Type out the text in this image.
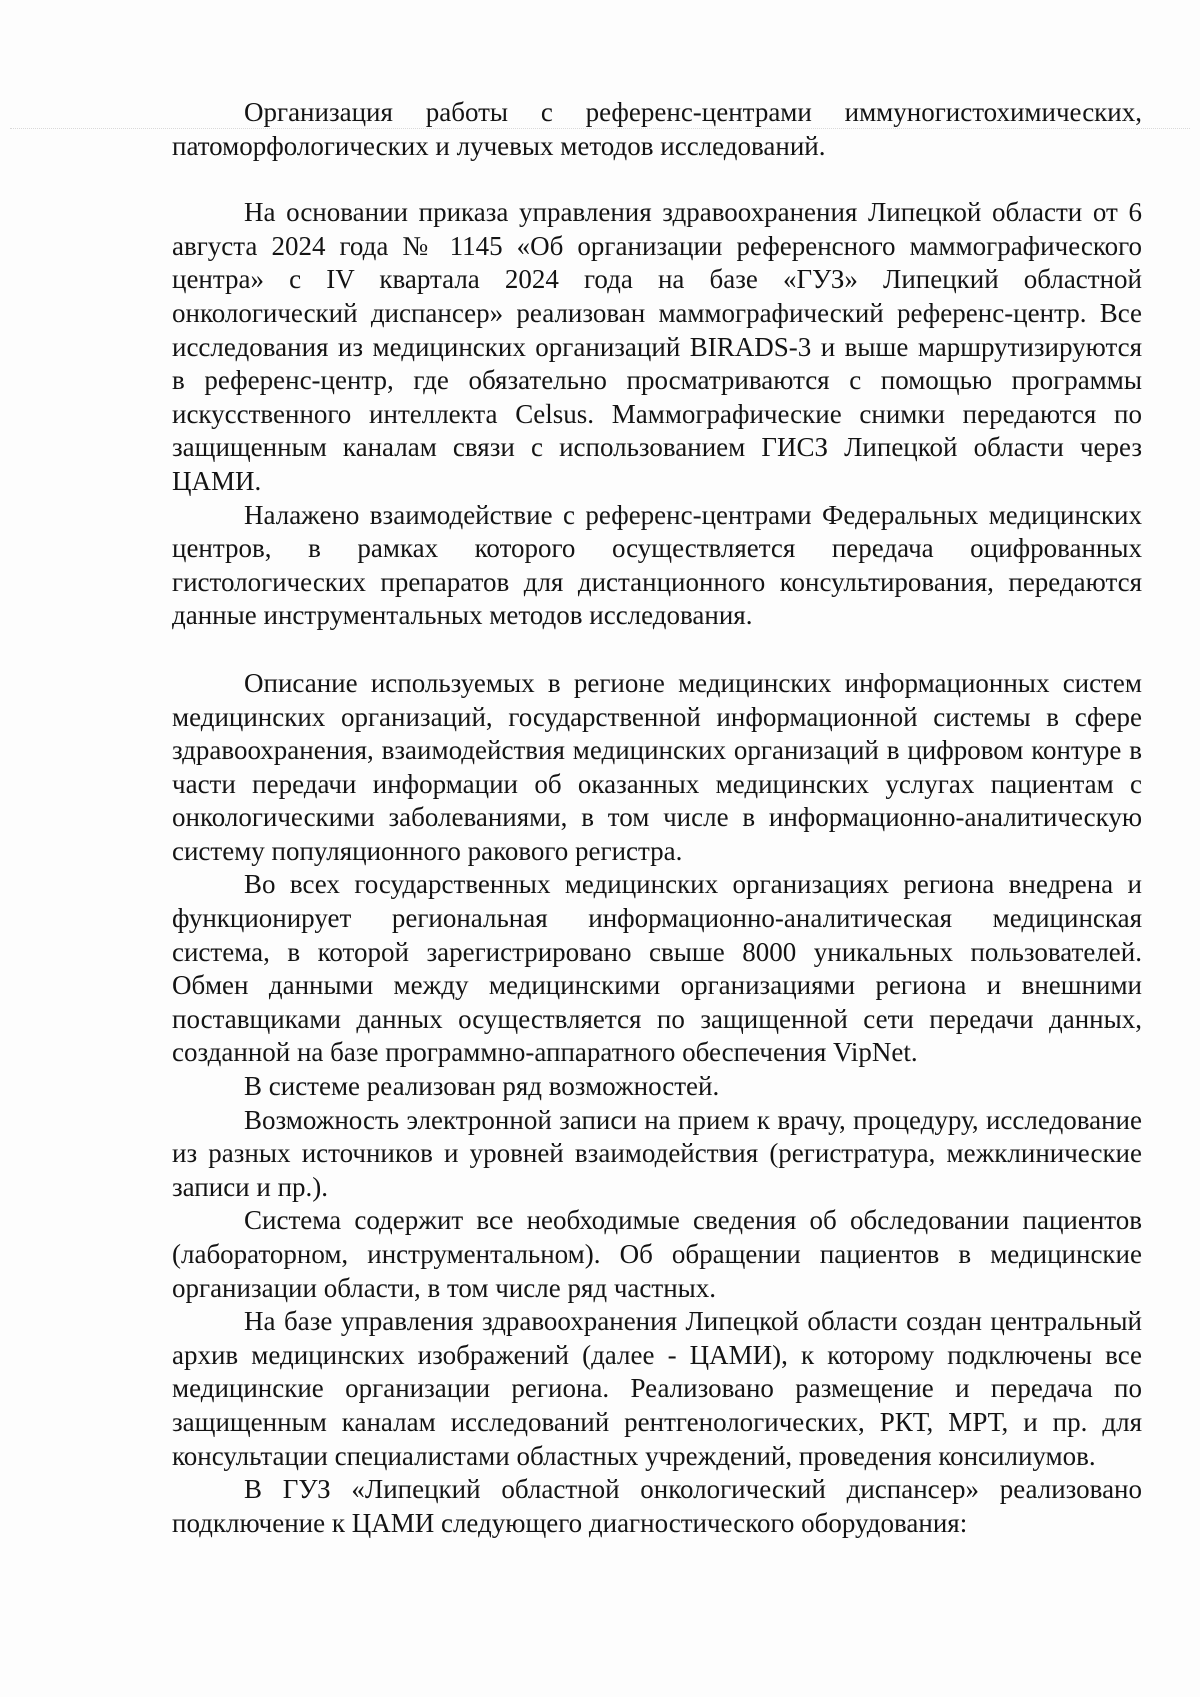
Организация работы с референс-центрами иммуногистохимических, патоморфологических и лучевых методов исследований.

На основании приказа управления здравоохранения Липецкой области от 6 августа 2024 года № 1145 «Об организации референсного маммографического центра» с IV квартала 2024 года на базе «ГУЗ» Липецкий областной онкологический диспансер» реализован маммографический референс-центр. Все исследования из медицинских организаций BIRADS-3 и выше маршрутизируются в референс-центр, где обязательно просматриваются с помощью программы искусственного интеллекта Celsus. Маммографические снимки передаются по защищенным каналам связи с использованием ГИСЗ Липецкой области через ЦАМИ.

Налажено взаимодействие с референс-центрами Федеральных медицинских центров, в рамках которого осуществляется передача оцифрованных гистологических препаратов для дистанционного консультирования, передаются данные инструментальных методов исследования.

Описание используемых в регионе медицинских информационных систем медицинских организаций, государственной информационной системы в сфере здравоохранения, взаимодействия медицинских организаций в цифровом контуре в части передачи информации об оказанных медицинских услугах пациентам с онкологическими заболеваниями, в том числе в информационно-аналитическую систему популяционного ракового регистра.

Во всех государственных медицинских организациях региона внедрена и функционирует региональная информационно-аналитическая медицинская система, в которой зарегистрировано свыше 8000 уникальных пользователей. Обмен данными между медицинскими организациями региона и внешними поставщиками данных осуществляется по защищенной сети передачи данных, созданной на базе программно-аппаратного обеспечения VipNet.

В системе реализован ряд возможностей.

Возможность электронной записи на прием к врачу, процедуру, исследование из разных источников и уровней взаимодействия (регистратура, межклинические записи и пр.).

Система содержит все необходимые сведения об обследовании пациентов (лабораторном, инструментальном). Об обращении пациентов в медицинские организации области, в том числе ряд частных.

На базе управления здравоохранения Липецкой области создан центральный архив медицинских изображений (далее - ЦАМИ), к которому подключены все медицинские организации региона. Реализовано размещение и передача по защищенным каналам исследований рентгенологических, РКТ, МРТ, и пр. для консультации специалистами областных учреждений, проведения консилиумов.

В ГУЗ «Липецкий областной онкологический диспансер» реализовано подключение к ЦАМИ следующего диагностического оборудования:
